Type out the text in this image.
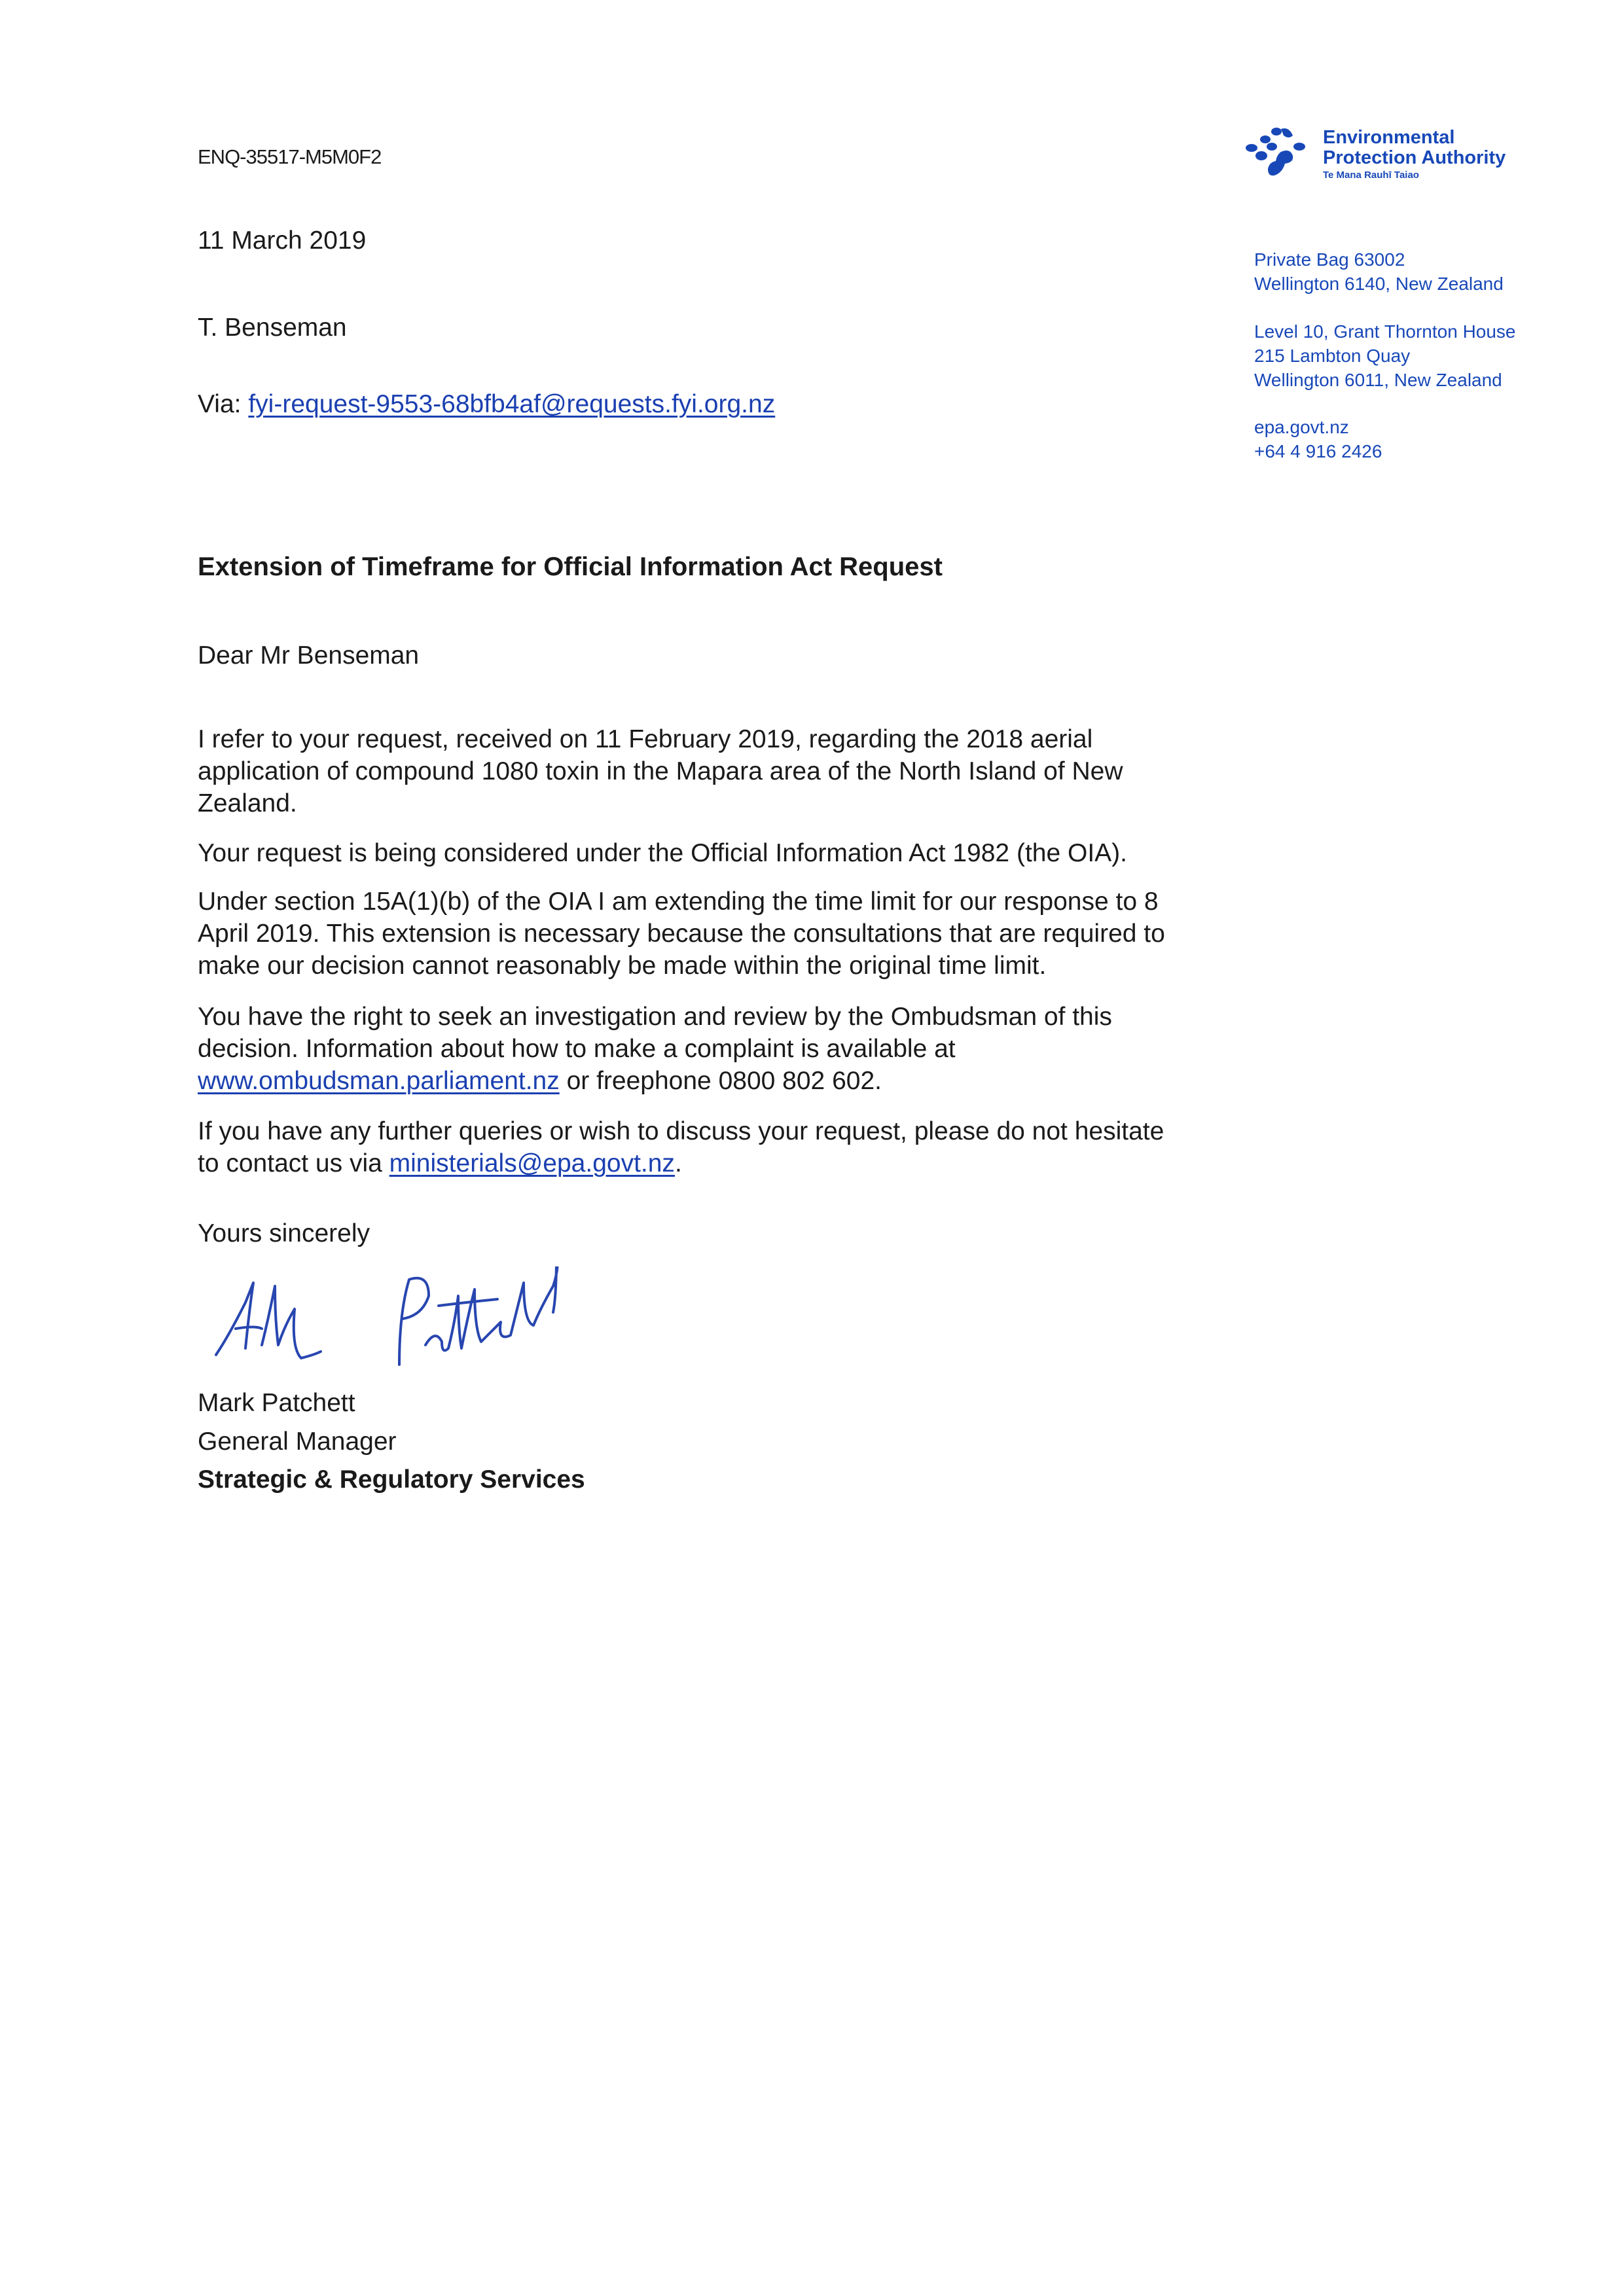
Environmental
Protection Authority
Te Mana Rauhī Taiao
Private Bag 63002
Wellington 6140, New Zealand
Level 10, Grant Thornton House
215 Lambton Quay
Wellington 6011, New Zealand
epa.govt.nz
+64 4 916 2426
ENQ-35517-M5M0F2
11 March 2019
T. Benseman
Via: fyi-request-9553-68bfb4af@requests.fyi.org.nz
Extension of Timeframe for Official Information Act Request
Dear Mr Benseman
I refer to your request, received on 11 February 2019, regarding the 2018 aerial
application of compound 1080 toxin in the Mapara area of the North Island of New
Zealand.
Your request is being considered under the Official Information Act 1982 (the OIA).
Under section 15A(1)(b) of the OIA I am extending the time limit for our response to 8
April 2019. This extension is necessary because the consultations that are required to
make our decision cannot reasonably be made within the original time limit.
You have the right to seek an investigation and review by the Ombudsman of this
decision. Information about how to make a complaint is available at
www.ombudsman.parliament.nz or freephone 0800 802 602.
If you have any further queries or wish to discuss your request, please do not hesitate
to contact us via ministerials@epa.govt.nz.
Yours sincerely
Mark Patchett
General Manager
Strategic & Regulatory Services
